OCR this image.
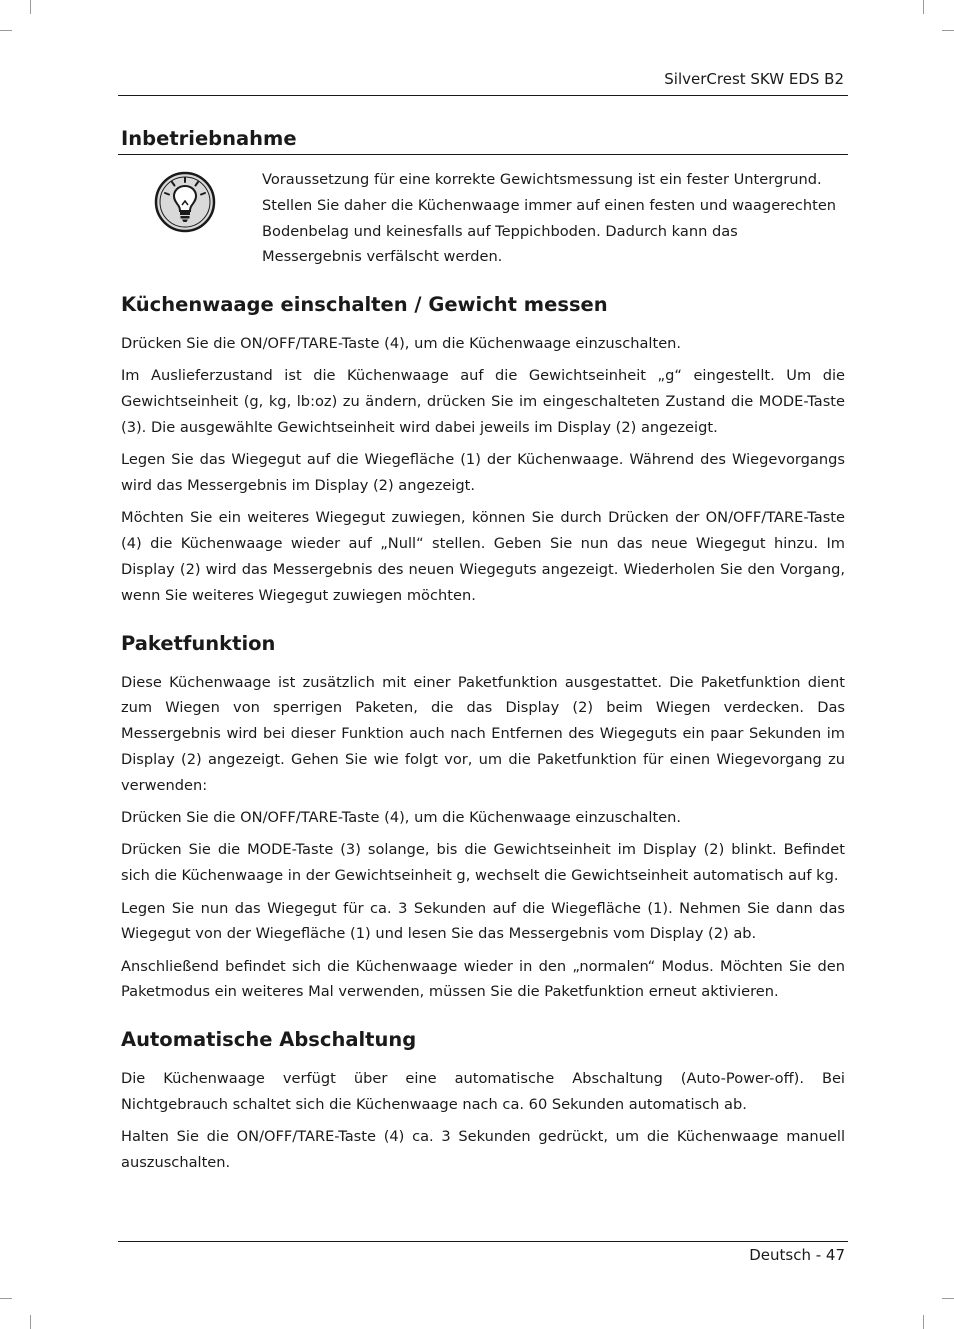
SilverCrest SKW EDS B2
Inbetriebnahme

Voraussetzung für eine korrekte Gewichtsmessung ist ein fester Untergrund.

Stellen Sie daher die Küchenwaage immer auf einen festen und waagerechten

Bodenbelag und keinesfalls auf Teppichboden. Dadurch kann das

Messergebnis verfälscht werden.

Küchenwaage einschalten / Gewicht messen

Drücken Sie die ON/OFF/TARE-Taste (4), um die Küchenwaage einzuschalten.

Im Auslieferzustand ist die Küchenwaage auf die Gewichtseinheit „g“ eingestellt. Um die Gewichtseinheit (g, kg, lb:oz) zu ändern, drücken Sie im eingeschalteten Zustand die MODE-Taste (3). Die ausgewählte Gewichtseinheit wird dabei jeweils im Display (2) angezeigt.

Legen Sie das Wiegegut auf die Wiegefläche (1) der Küchenwaage. Während des Wiegevorgangs wird das Messergebnis im Display (2) angezeigt.

Möchten Sie ein weiteres Wiegegut zuwiegen, können Sie durch Drücken der ON/OFF/TARE-Taste (4) die Küchenwaage wieder auf „Null“ stellen. Geben Sie nun das neue Wiegegut hinzu. Im Display (2) wird das Messergebnis des neuen Wiegeguts angezeigt. Wiederholen Sie den Vorgang, wenn Sie weiteres Wiegegut zuwiegen möchten.

Paketfunktion

Diese Küchenwaage ist zusätzlich mit einer Paketfunktion ausgestattet. Die Paketfunktion dient zum Wiegen von sperrigen Paketen, die das Display (2) beim Wiegen verdecken. Das Messergebnis wird bei dieser Funktion auch nach Entfernen des Wiegeguts ein paar Sekunden im Display (2) angezeigt. Gehen Sie wie folgt vor, um die Paketfunktion für einen Wiegevorgang zu verwenden:

Drücken Sie die ON/OFF/TARE-Taste (4), um die Küchenwaage einzuschalten.

Drücken Sie die MODE-Taste (3) solange, bis die Gewichtseinheit im Display (2) blinkt. Befindet sich die Küchenwaage in der Gewichtseinheit g, wechselt die Gewichtseinheit automatisch auf kg.

Legen Sie nun das Wiegegut für ca. 3 Sekunden auf die Wiegefläche (1). Nehmen Sie dann das Wiegegut von der Wiegefläche (1) und lesen Sie das Messergebnis vom Display (2) ab.

Anschließend befindet sich die Küchenwaage wieder in den „normalen“ Modus. Möchten Sie den Paketmodus ein weiteres Mal verwenden, müssen Sie die Paketfunktion erneut aktivieren.

Automatische Abschaltung

Die Küchenwaage verfügt über eine automatische Abschaltung (Auto-Power-off). Bei Nichtgebrauch schaltet sich die Küchenwaage nach ca. 60 Sekunden automatisch ab.

Halten Sie die ON/OFF/TARE-Taste (4) ca. 3 Sekunden gedrückt, um die Küchenwaage manuell auszuschalten.

Deutsch - 47
